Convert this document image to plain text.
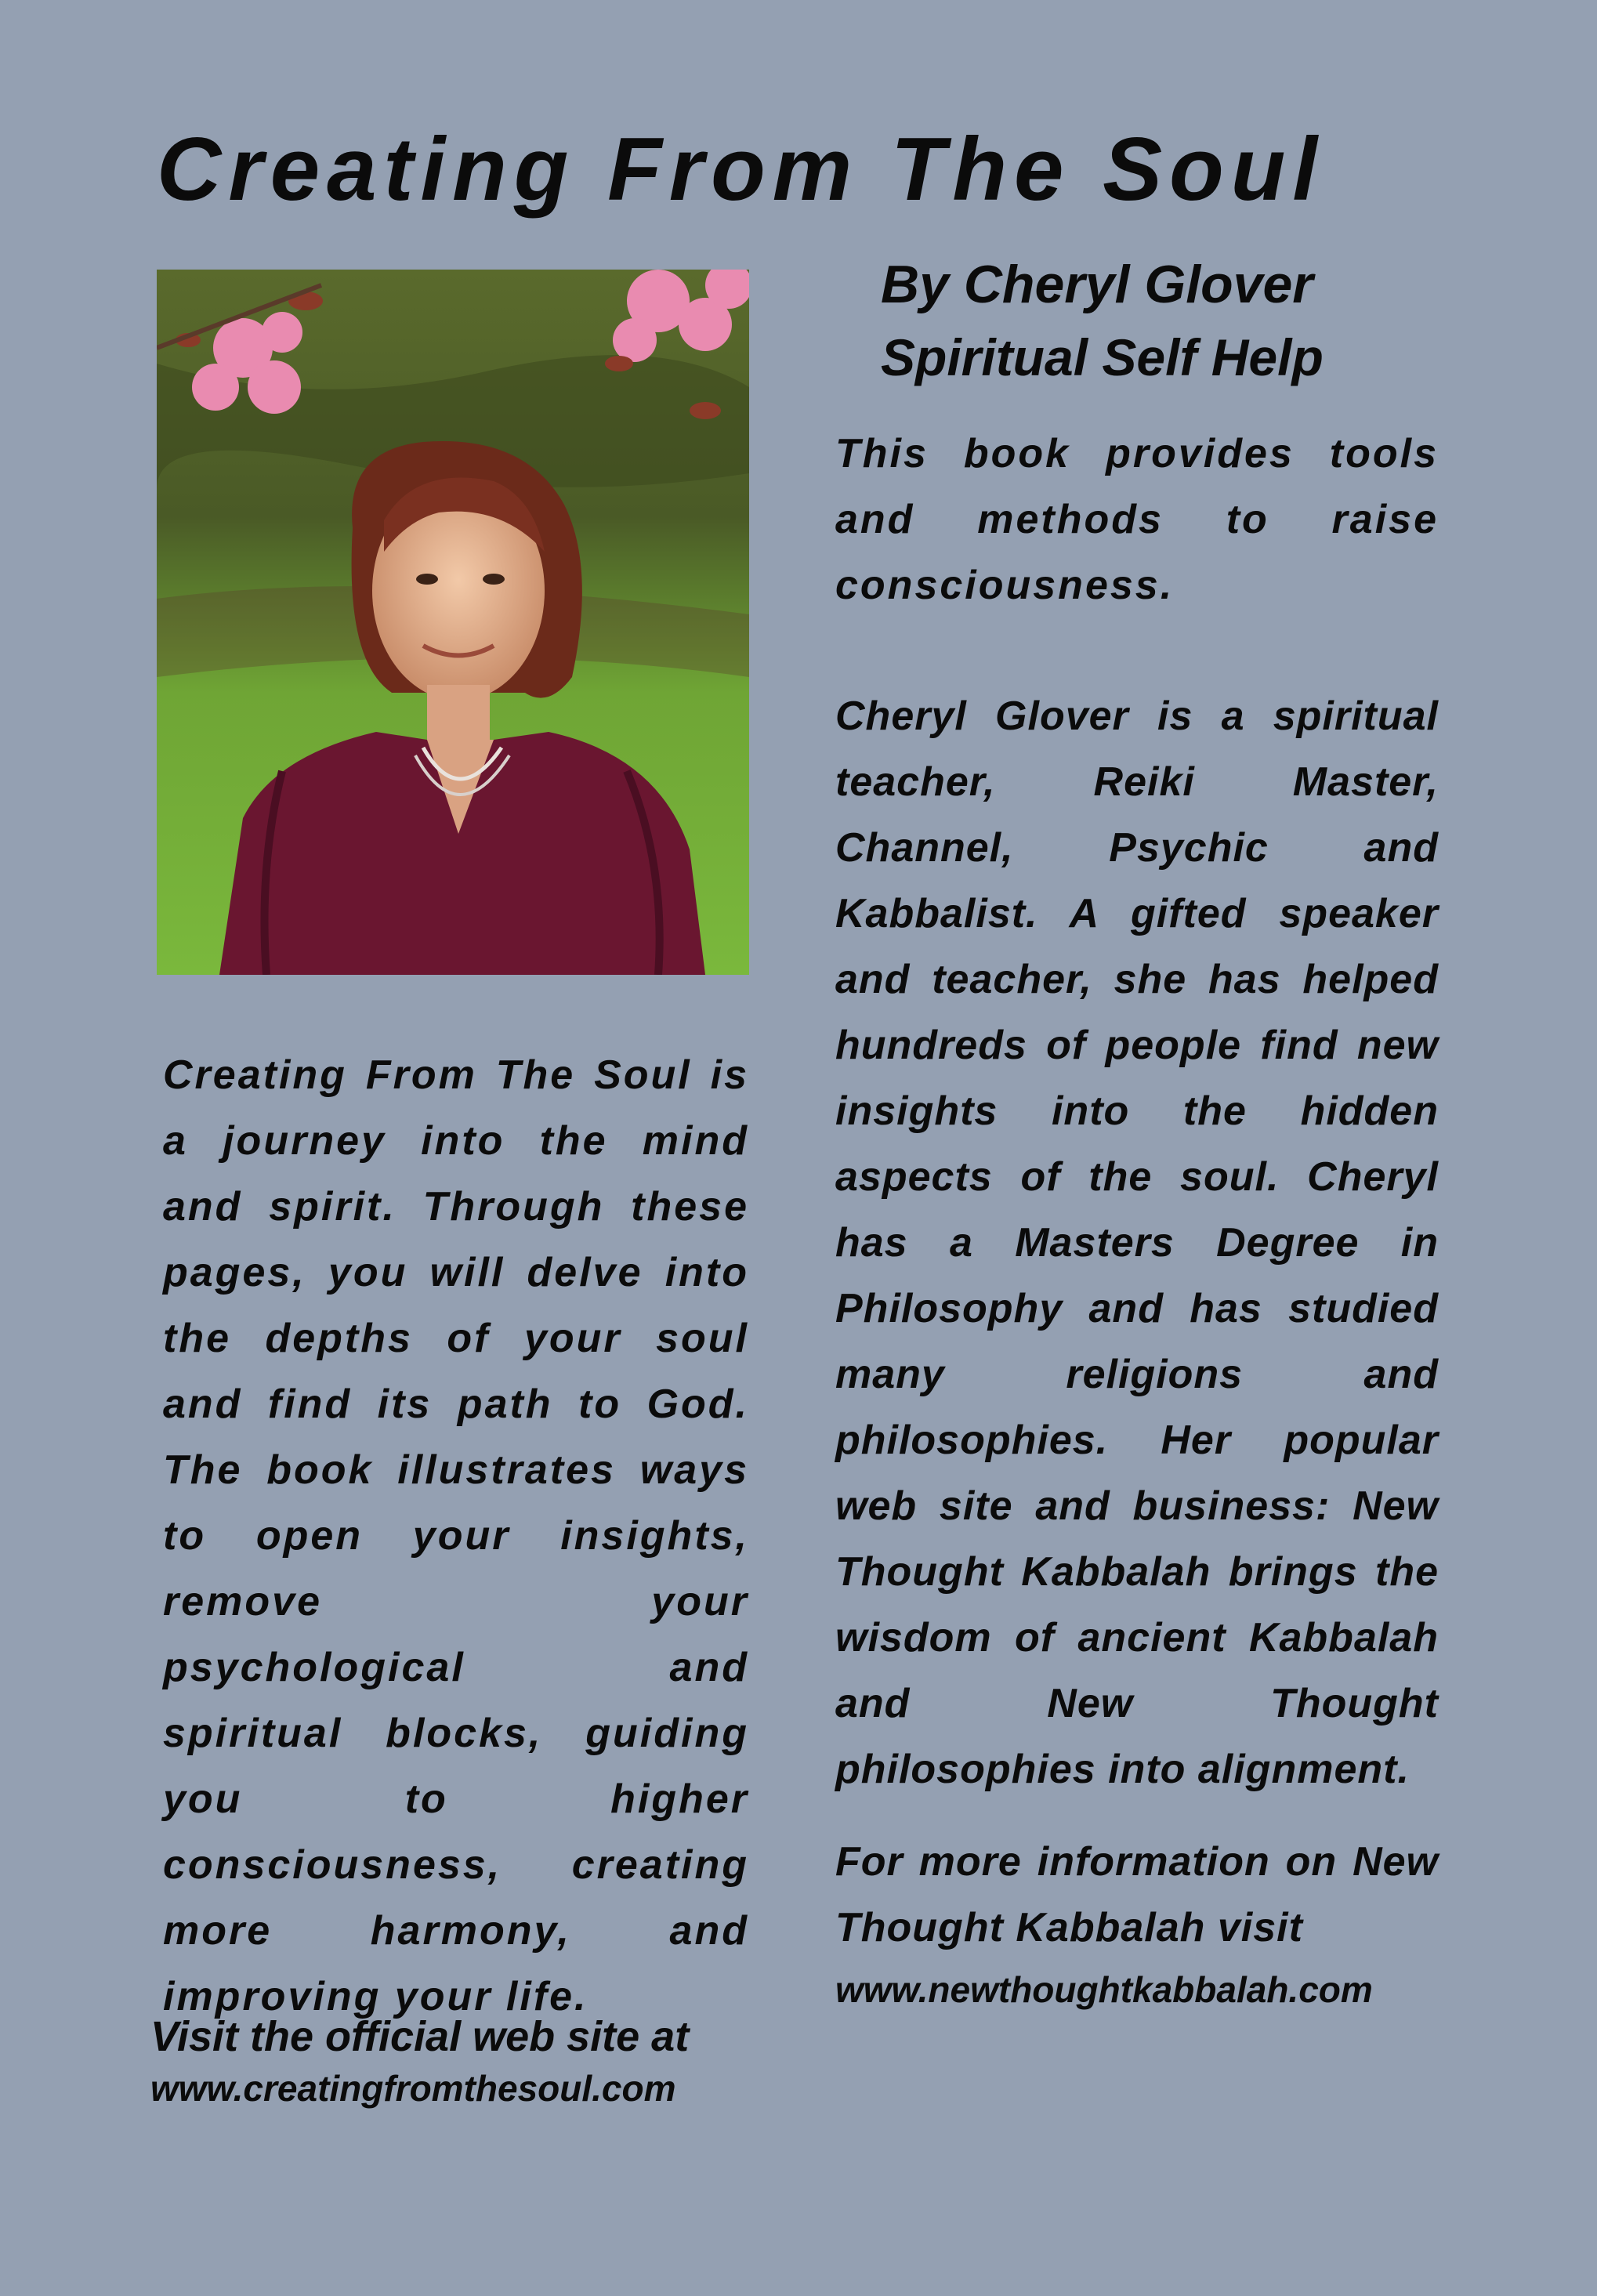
Creating From The Soul
By Cheryl Glover
Spiritual Self Help

This book provides tools and methods to raise consciousness.

Cheryl Glover is a spiritual teacher, Reiki Master, Channel, Psychic and Kabbalist. A gifted speaker and teacher, she has helped hundreds of people find new insights into the hidden aspects of the soul. Cheryl has a Masters Degree in Philosophy and has studied many religions and philosophies. Her popular web site and business: New Thought Kabbalah brings the wisdom of ancient Kabbalah and New Thought philosophies into alignment.

For more information on New Thought Kabbalah visit

www.newthoughtkabbalah.com

Creating From The Soul is a journey into the mind and spirit. Through these pages, you will delve into the depths of your soul and find its path to God. The book illustrates ways to open your insights, remove your psychological and spiritual blocks, guiding you to higher consciousness, creating more harmony, and improving your life.

Visit the official web site at
www.creatingfromthesoul.com
